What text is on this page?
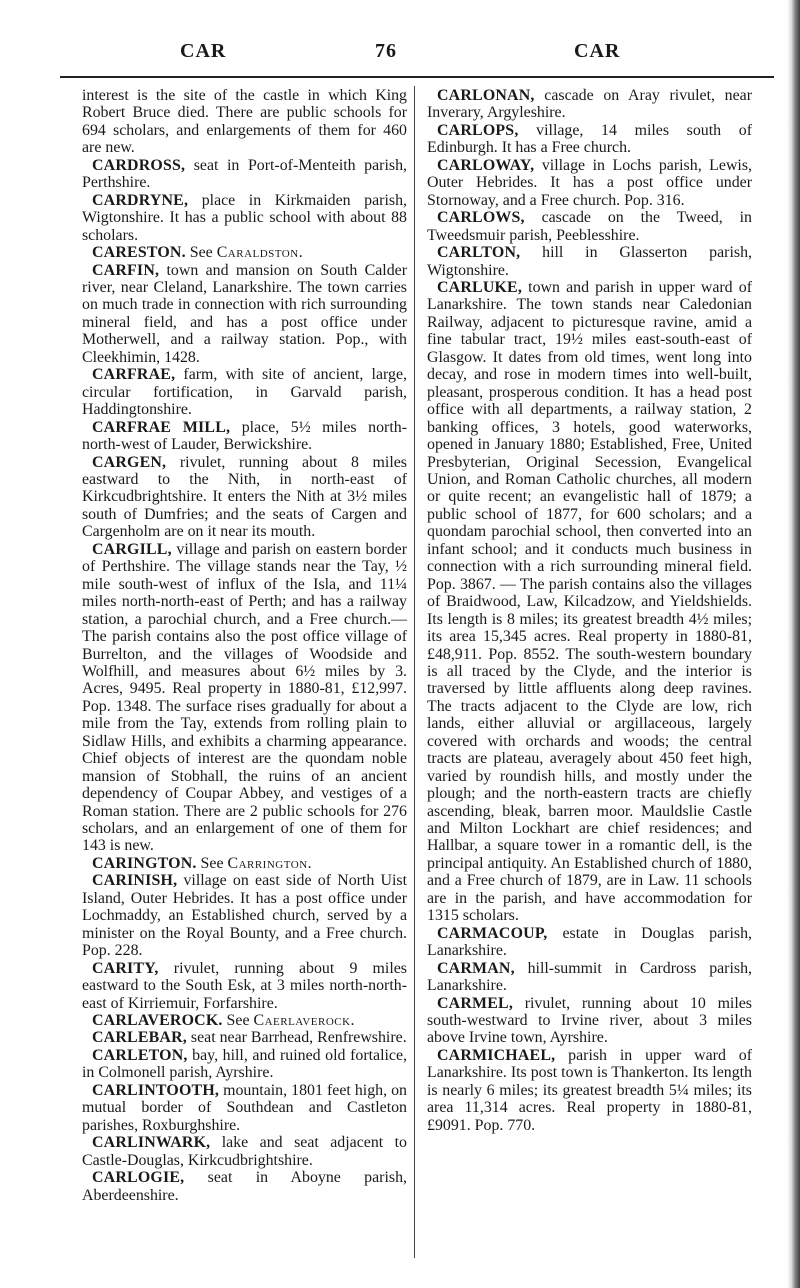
CAR	76	CAR

interest is the site of the castle in which King Robert Bruce died. There are public schools for 694 scholars, and enlargements of them for 460 are new.

CARDROSS, seat in Port-of-Menteith parish, Perthshire.

CARDRYNE, place in Kirkmaiden parish, Wigtonshire. It has a public school with about 88 scholars.

CARESTON. See Caraldston.

CARFIN, town and mansion on South Calder river, near Cleland, Lanarkshire. The town carries on much trade in connection with rich surrounding mineral field, and has a post office under Motherwell, and a railway station. Pop., with Cleekhimin, 1428.

CARFRAE, farm, with site of ancient, large, circular fortification, in Garvald parish, Haddingtonshire.

CARFRAE MILL, place, 5½ miles north-north-west of Lauder, Berwickshire.

CARGEN, rivulet, running about 8 miles eastward to the Nith, in north-east of Kirkcudbrightshire. It enters the Nith at 3½ miles south of Dumfries; and the seats of Cargen and Cargenholm are on it near its mouth.

CARGILL, village and parish on eastern border of Perthshire. The village stands near the Tay, ½ mile south-west of influx of the Isla, and 11¼ miles north-north-east of Perth; and has a railway station, a parochial church, and a Free church.—The parish contains also the post office village of Burrelton, and the villages of Woodside and Wolfhill, and measures about 6½ miles by 3. Acres, 9495. Real property in 1880-81, £12,997. Pop. 1348. The surface rises gradually for about a mile from the Tay, extends from rolling plain to Sidlaw Hills, and exhibits a charming appearance. Chief objects of interest are the quondam noble mansion of Stobhall, the ruins of an ancient dependency of Coupar Abbey, and vestiges of a Roman station. There are 2 public schools for 276 scholars, and an enlargement of one of them for 143 is new.

CARINGTON. See Carrington.

CARINISH, village on east side of North Uist Island, Outer Hebrides. It has a post office under Lochmaddy, an Established church, served by a minister on the Royal Bounty, and a Free church. Pop. 228.

CARITY, rivulet, running about 9 miles eastward to the South Esk, at 3 miles north-north-east of Kirriemuir, Forfarshire.

CARLAVEROCK. See Caerlaverock.

CARLEBAR, seat near Barrhead, Renfrewshire.

CARLETON, bay, hill, and ruined old fortalice, in Colmonell parish, Ayrshire.

CARLINTOOTH, mountain, 1801 feet high, on mutual border of Southdean and Castleton parishes, Roxburghshire.

CARLINWARK, lake and seat adjacent to Castle-Douglas, Kirkcudbrightshire.

CARLOGIE, seat in Aboyne parish, Aberdeenshire.

CARLONAN, cascade on Aray rivulet, near Inverary, Argyleshire.

CARLOPS, village, 14 miles south of Edinburgh. It has a Free church.

CARLOWAY, village in Lochs parish, Lewis, Outer Hebrides. It has a post office under Stornoway, and a Free church. Pop. 316.

CARLOWS, cascade on the Tweed, in Tweedsmuir parish, Peeblesshire.

CARLTON, hill in Glasserton parish, Wigtonshire.

CARLUKE, town and parish in upper ward of Lanarkshire. The town stands near Caledonian Railway, adjacent to picturesque ravine, amid a fine tabular tract, 19½ miles east-south-east of Glasgow. It dates from old times, went long into decay, and rose in modern times into well-built, pleasant, prosperous condition. It has a head post office with all departments, a railway station, 2 banking offices, 3 hotels, good waterworks, opened in January 1880; Established, Free, United Presbyterian, Original Secession, Evangelical Union, and Roman Catholic churches, all modern or quite recent; an evangelistic hall of 1879; a public school of 1877, for 600 scholars; and a quondam parochial school, then converted into an infant school; and it conducts much business in connection with a rich surrounding mineral field. Pop. 3867. — The parish contains also the villages of Braidwood, Law, Kilcadzow, and Yieldshields. Its length is 8 miles; its greatest breadth 4½ miles; its area 15,345 acres. Real property in 1880-81, £48,911. Pop. 8552. The south-western boundary is all traced by the Clyde, and the interior is traversed by little affluents along deep ravines. The tracts adjacent to the Clyde are low, rich lands, either alluvial or argillaceous, largely covered with orchards and woods; the central tracts are plateau, averagely about 450 feet high, varied by roundish hills, and mostly under the plough; and the north-eastern tracts are chiefly ascending, bleak, barren moor. Mauldslie Castle and Milton Lockhart are chief residences; and Hallbar, a square tower in a romantic dell, is the principal antiquity. An Established church of 1880, and a Free church of 1879, are in Law. 11 schools are in the parish, and have accommodation for 1315 scholars.

CARMACOUP, estate in Douglas parish, Lanarkshire.

CARMAN, hill-summit in Cardross parish, Lanarkshire.

CARMEL, rivulet, running about 10 miles south-westward to Irvine river, about 3 miles above Irvine town, Ayrshire.

CARMICHAEL, parish in upper ward of Lanarkshire. Its post town is Thankerton. Its length is nearly 6 miles; its greatest breadth 5¼ miles; its area 11,314 acres. Real property in 1880-81, £9091. Pop. 770.
